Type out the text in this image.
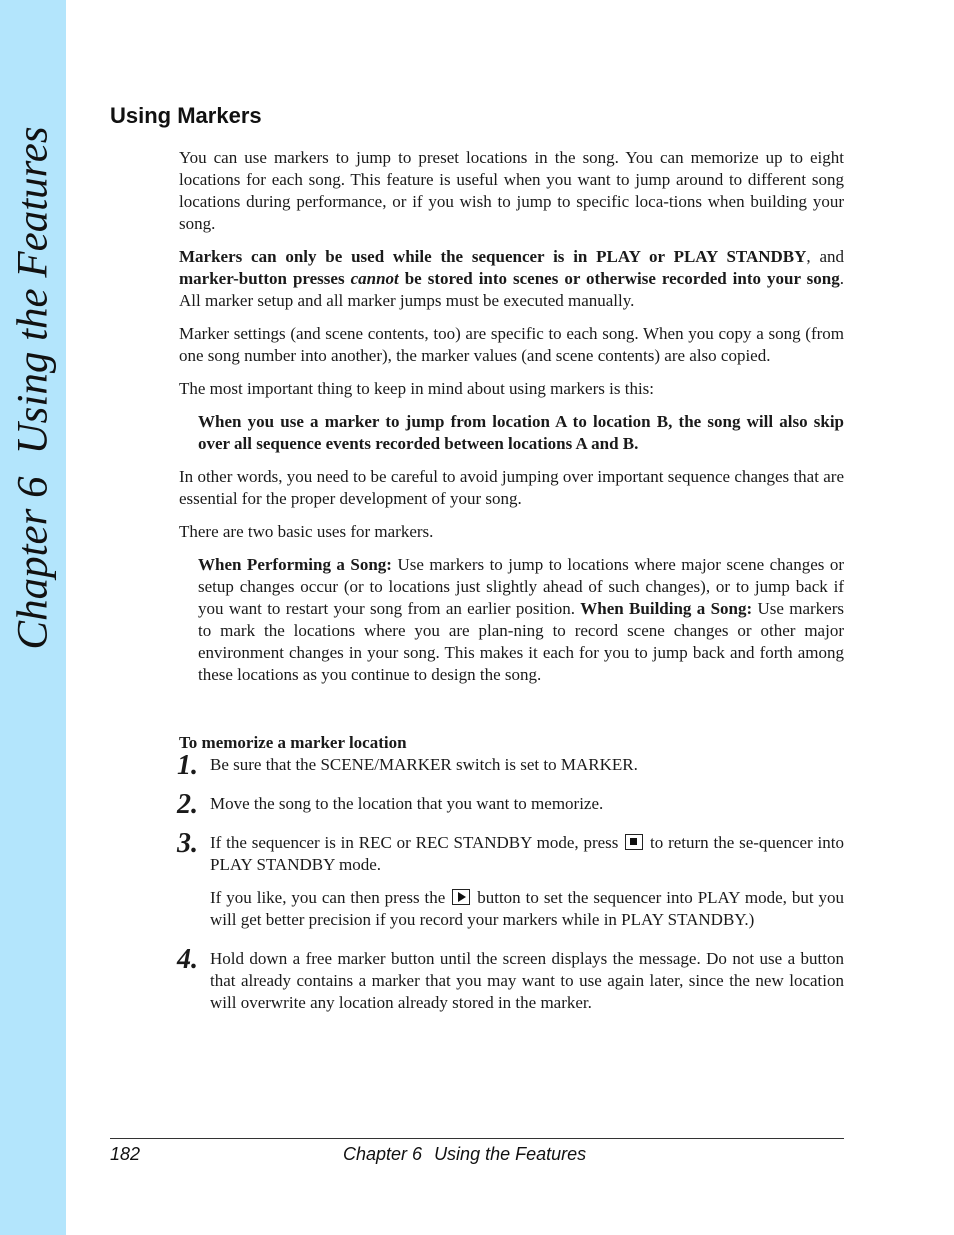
Chapter 6Using the Features
Using Markers

You can use markers to jump to preset locations in the song. You can memorize up to eight locations for each song. This feature is useful when you want to jump around to different song locations during performance, or if you wish to jump to specific loca-tions when building your song.

Markers can only be used while the sequencer is in PLAY or PLAY STANDBY, and marker-button presses cannot be stored into scenes or otherwise recorded into your song. All marker setup and all marker jumps must be executed manually.

Marker settings (and scene contents, too) are specific to each song. When you copy a song (from one song number into another), the marker values (and scene contents) are also copied.

The most important thing to keep in mind about using markers is this:

When you use a marker to jump from location A to location B, the song will also skip over all sequence events recorded between locations A and B.

In other words, you need to be careful to avoid jumping over important sequence changes that are essential for the proper development of your song.

There are two basic uses for markers.

When Performing a Song: Use markers to jump to locations where major scene changes or setup changes occur (or to locations just slightly ahead of such changes), or to jump back if you want to restart your song from an earlier position. When Building a Song: Use markers to mark the locations where you are plan-ning to record scene changes or other major environment changes in your song. This makes it each for you to jump back and forth among these locations as you continue to design the song.

To memorize a marker location

1. Be sure that the SCENE/MARKER switch is set to MARKER.

2. Move the song to the location that you want to memorize.

3. If the sequencer is in REC or REC STANDBY mode, press
to return the se-quencer into PLAY STANDBY mode.

If you like, you can then press the
button to set the sequencer into PLAY mode, but you will get better precision if you record your markers while in PLAY STANDBY.)

4. Hold down a free marker button until the screen displays the message. Do not use a button that already contains a marker that you may want to use again later, since the new location will overwrite any location already stored in the marker.

182	Chapter 6 Using the Features
